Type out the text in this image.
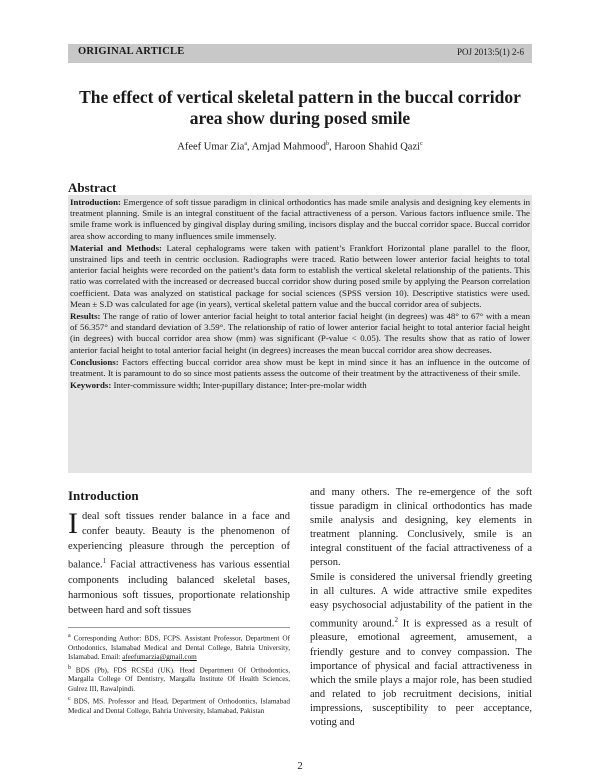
ORIGINAL ARTICLE	POJ 2013:5(1) 2-6
The effect of vertical skeletal pattern in the buccal corridor area show during posed smile
Afeef Umar Zia$^a$, Amjad Mahmood$^b$, Haroon Shahid Qazi$^c$
Abstract

Introduction: Emergence of soft tissue paradigm in clinical orthodontics has made smile analysis and designing key elements in treatment planning. Smile is an integral constituent of the facial attractiveness of a person. Various factors influence smile. The smile frame work is influenced by gingival display during smiling, incisors display and the buccal corridor space. Buccal corridor area show according to many influences smile immensely.

Material and Methods: Lateral cephalograms were taken with patient’s Frankfort Horizontal plane parallel to the floor, unstrained lips and teeth in centric occlusion. Radiographs were traced. Ratio between lower anterior facial heights to total anterior facial heights were recorded on the patient’s data form to establish the vertical skeletal relationship of the patients. This ratio was correlated with the increased or decreased buccal corridor show during posed smile by applying the Pearson correlation coefficient. Data was analyzed on statistical package for social sciences (SPSS version 10). Descriptive statistics were used. Mean ± S.D was calculated for age (in years), vertical skeletal pattern value and the buccal corridor area of subjects.

Results: The range of ratio of lower anterior facial height to total anterior facial height (in degrees) was 48° to 67° with a mean of 56.357° and standard deviation of 3.59°. The relationship of ratio of lower anterior facial height to total anterior facial height (in degrees) with buccal corridor area show (mm) was significant (P-value < 0.05). The results show that as ratio of lower anterior facial height to total anterior facial height (in degrees) increases the mean buccal corridor area show decreases.

Conclusions: Factors effecting buccal corridor area show must be kept in mind since it has an influence in the outcome of treatment. It is paramount to do so since most patients assess the outcome of their treatment by the attractiveness of their smile.

Keywords: Inter-commissure width; Inter-pupillary distance; Inter-pre-molar width

Introduction

Ideal soft tissues render balance in a face and confer beauty. Beauty is the phenomenon of experiencing pleasure through the perception of balance.$^1$ Facial attractiveness has various essential components including balanced skeletal bases, harmonious soft tissues, proportionate relationship between hard and soft tissues

$^a$ Corresponding Author: BDS, FCPS. Assistant Professor, Department Of Orthodontics, Islamabad Medical and Dental College, Bahria University, Islamabad. Email: afeefumarzia@gmail.com

$^b$ BDS (Pb), FDS RCSEd (UK). Head Department Of Orthodontics, Margalla College Of Dentistry, Margalla Institute Of Health Sciences, Gulrez III, Rawalpindi.

$^c$ BDS, MS. Professor and Head, Department of Orthodontics, Islamabad Medical and Dental College, Bahria University, Islamabad, Pakistan

and many others. The re-emergence of the soft tissue paradigm in clinical orthodontics has made smile analysis and designing, key elements in treatment planning. Conclusively, smile is an integral constituent of the facial attractiveness of a person.

Smile is considered the universal friendly greeting in all cultures. A wide attractive smile expedites easy psychosocial adjustability of the patient in the community around.$^2$ It is expressed as a result of pleasure, emotional agreement, amusement, a friendly gesture and to convey compassion. The importance of physical and facial attractiveness in which the smile plays a major role, has been studied and related to job recruitment decisions, initial impressions, susceptibility to peer acceptance, voting and

2
